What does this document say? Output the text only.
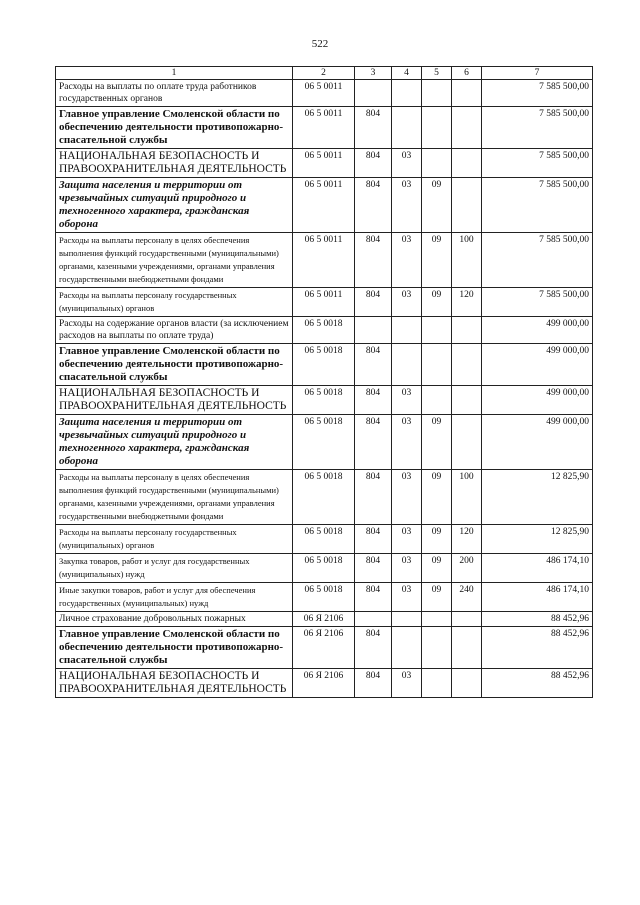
522
1	2	3	4	5	6	7
Расходы на выплаты по оплате труда работников государственных органов	06 5 0011					7 585 500,00
Главное управление Смоленской области по обеспечению деятельности противопожарно-спасательной службы	06 5 0011	804				7 585 500,00
НАЦИОНАЛЬНАЯ БЕЗОПАСНОСТЬ И ПРАВООХРАНИТЕЛЬНАЯ ДЕЯТЕЛЬНОСТЬ	06 5 0011	804	03			7 585 500,00
Защита населения и территории от чрезвычайных ситуаций природного и техногенного характера, гражданская оборона	06 5 0011	804	03	09		7 585 500,00
Расходы на выплаты персоналу в целях обеспечения выполнения функций государственными (муниципальными) органами, казенными учреждениями, органами управления государственными внебюджетными фондами	06 5 0011	804	03	09	100	7 585 500,00
Расходы на выплаты персоналу государственных (муниципальных) органов	06 5 0011	804	03	09	120	7 585 500,00
Расходы на содержание органов власти (за исключением расходов на выплаты по оплате труда)	06 5 0018					499 000,00
Главное управление Смоленской области по обеспечению деятельности противопожарно-спасательной службы	06 5 0018	804				499 000,00
НАЦИОНАЛЬНАЯ БЕЗОПАСНОСТЬ И ПРАВООХРАНИТЕЛЬНАЯ ДЕЯТЕЛЬНОСТЬ	06 5 0018	804	03			499 000,00
Защита населения и территории от чрезвычайных ситуаций природного и техногенного характера, гражданская оборона	06 5 0018	804	03	09		499 000,00
Расходы на выплаты персоналу в целях обеспечения выполнения функций государственными (муниципальными) органами, казенными учреждениями, органами управления государственными внебюджетными фондами	06 5 0018	804	03	09	100	12 825,90
Расходы на выплаты персоналу государственных (муниципальных) органов	06 5 0018	804	03	09	120	12 825,90
Закупка товаров, работ и услуг для государственных (муниципальных) нужд	06 5 0018	804	03	09	200	486 174,10
Иные закупки товаров, работ и услуг для обеспечения государственных (муниципальных) нужд	06 5 0018	804	03	09	240	486 174,10
Личное страхование добровольных пожарных	06 Я 2106					88 452,96
Главное управление Смоленской области по обеспечению деятельности противопожарно-спасательной службы	06 Я 2106	804				88 452,96
НАЦИОНАЛЬНАЯ БЕЗОПАСНОСТЬ И ПРАВООХРАНИТЕЛЬНАЯ ДЕЯТЕЛЬНОСТЬ	06 Я 2106	804	03			88 452,96
